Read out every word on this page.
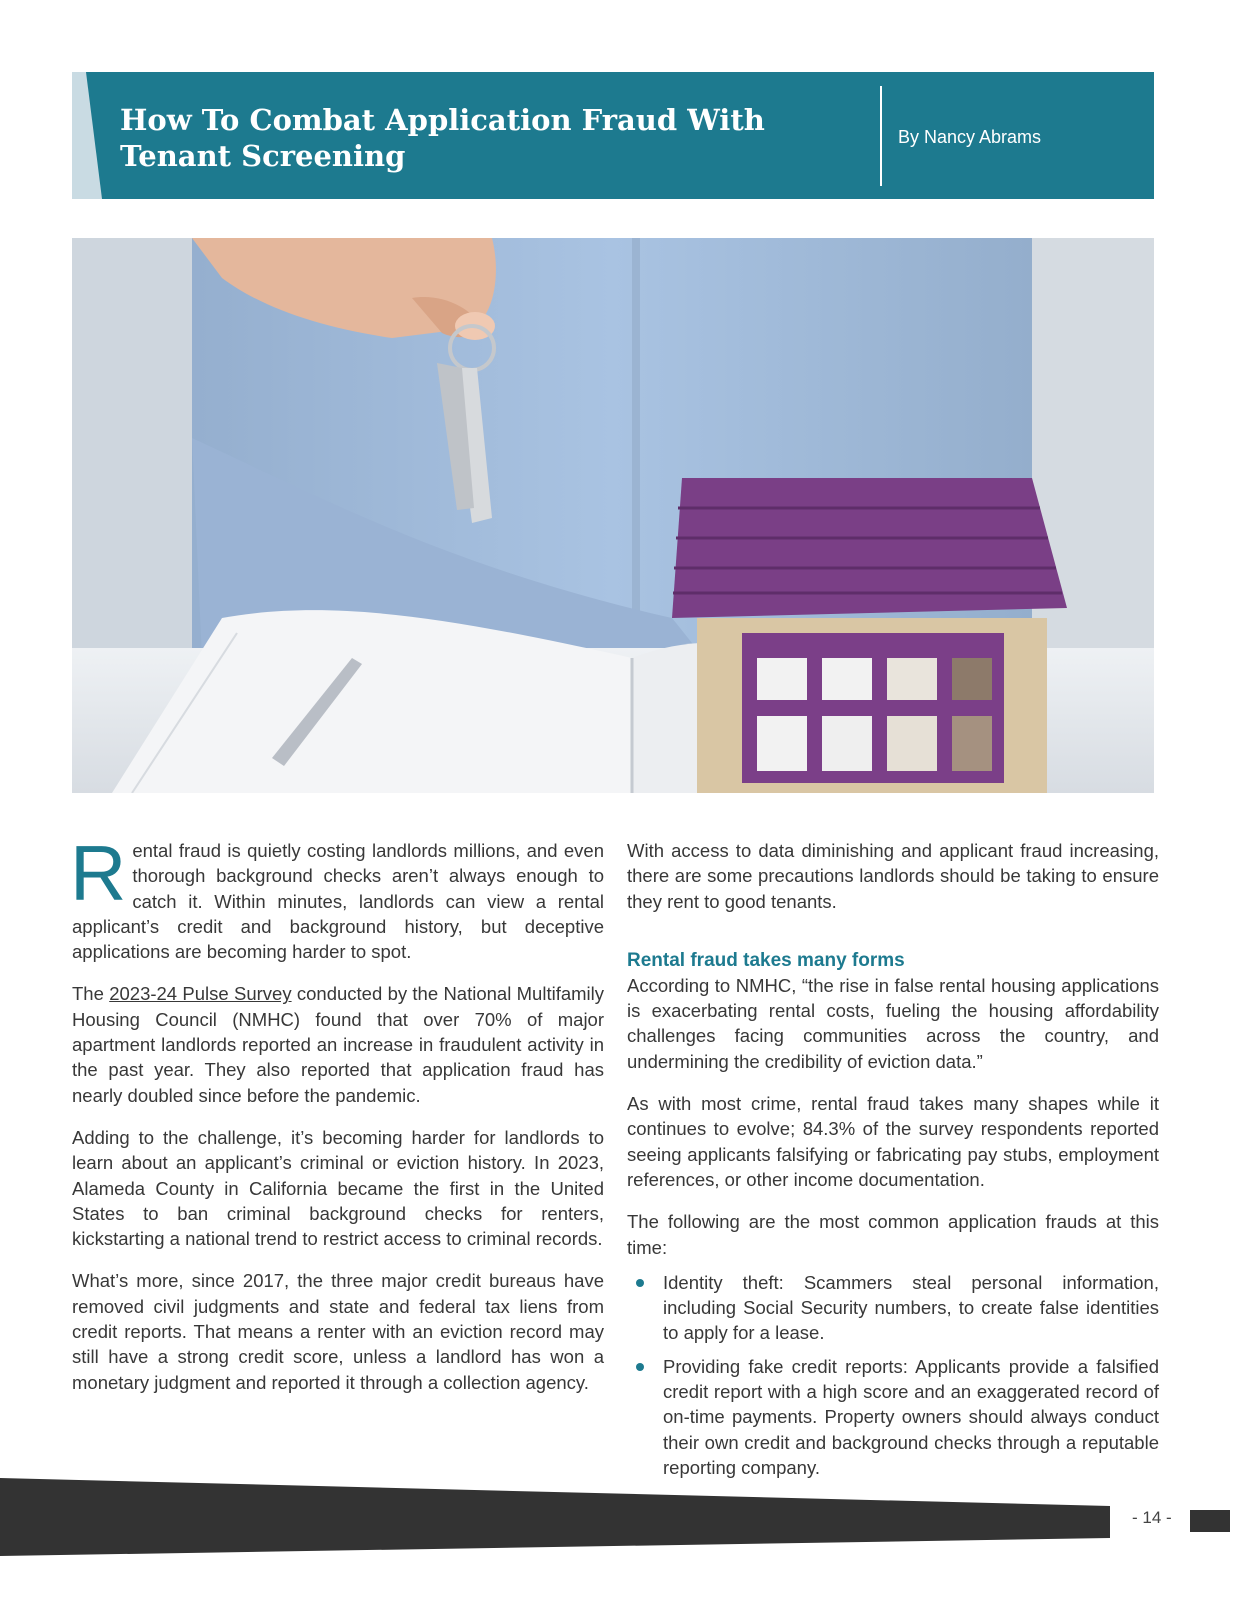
How To Combat Application Fraud With Tenant Screening
By Nancy Abrams

Rental fraud is quietly costing landlords millions, and even thorough background checks aren’t always enough to catch it. Within minutes, landlords can view a rental applicant’s credit and background history, but deceptive applications are becoming harder to spot.

The 2023-24 Pulse Survey conducted by the National Multifamily Housing Council (NMHC) found that over 70% of major apartment landlords reported an increase in fraudulent activity in the past year. They also reported that application fraud has nearly doubled since before the pandemic.

Adding to the challenge, it’s becoming harder for landlords to learn about an applicant’s criminal or eviction history. In 2023, Alameda County in California became the first in the United States to ban criminal background checks for renters, kickstarting a national trend to restrict access to criminal records.

What’s more, since 2017, the three major credit bureaus have removed civil judgments and state and federal tax liens from credit reports. That means a renter with an eviction record may still have a strong credit score, unless a landlord has won a monetary judgment and reported it through a collection agency.

With access to data diminishing and applicant fraud increasing, there are some precautions landlords should be taking to ensure they rent to good tenants.

Rental fraud takes many forms

According to NMHC, “the rise in false rental housing applications is exacerbating rental costs, fueling the housing affordability challenges facing communities across the country, and undermining the credibility of eviction data.”

As with most crime, rental fraud takes many shapes while it continues to evolve; 84.3% of the survey respondents reported seeing applicants falsifying or fabricating pay stubs, employment references, or other income documentation.

The following are the most common application frauds at this time:

Identity theft: Scammers steal personal information, including Social Security numbers, to create false identities to apply for a lease.
Providing fake credit reports: Applicants provide a falsified credit report with a high score and an exaggerated record of on-time payments. Property owners should always conduct their own credit and background checks through a reputable reporting company.
- 14 -
